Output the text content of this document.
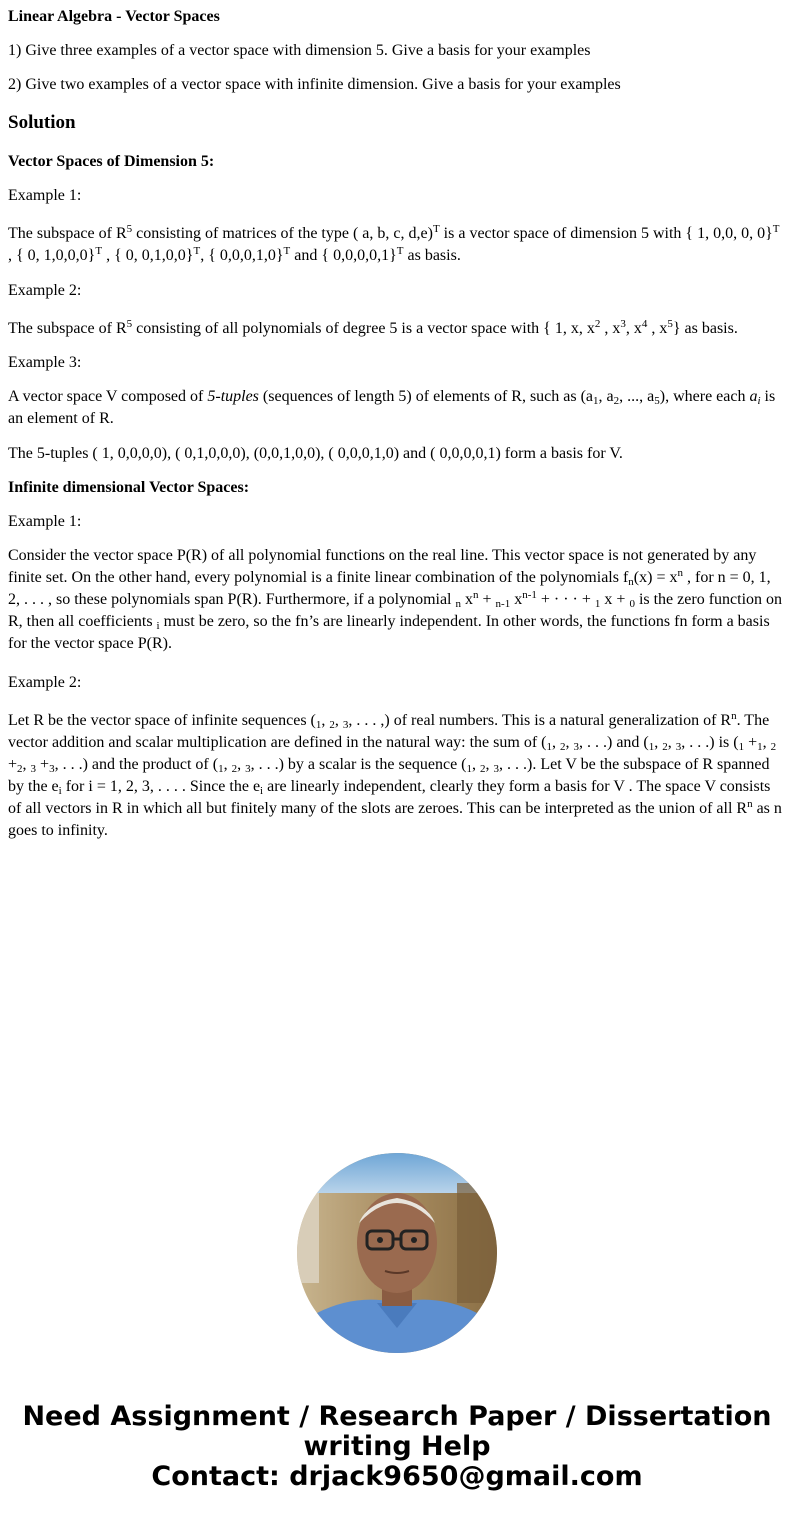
Linear Algebra - Vector Spaces

1) Give three examples of a vector space with dimension 5. Give a basis for your examples

2) Give two examples of a vector space with infinite dimension. Give a basis for your examples

Solution

Vector Spaces of Dimension 5:

Example 1:

The subspace of $R^5$ consisting of matrices of the type ( a, b, c, d,e)$^T$ is a vector space of dimension 5 with { 1, 0,0, 0, 0}$^T$ , { 0, 1,0,0,0}$^T$ , { 0, 0,1,0,0}$^T$, { 0,0,0,1,0}$^T$ and { 0,0,0,0,1}$^T$ as basis.

Example 2:

The subspace of $R^5$ consisting of all polynomials of degree 5 is a vector space with { 1, x, $x^2$ , $x^3$, $x^4$ , $x^5$} as basis.

Example 3:

A vector space V composed of 5-tuples (sequences of length 5) of elements of R, such as ($a_1$, $a_2$, ..., $a_5$), where each $a_i$ is an element of R.

The 5-tuples ( 1, 0,0,0,0), ( 0,1,0,0,0), (0,0,1,0,0), ( 0,0,0,1,0) and ( 0,0,0,0,1) form a basis for V.

Infinite dimensional Vector Spaces:

Example 1:

Consider the vector space P(R) of all polynomial functions on the real line. This vector space is not generated by any finite set. On the other hand, every polynomial is a finite linear combination of the polynomials $f_n(x) = x^n$ , for n = 0, 1, 2, . . . , so these polynomials span P(R). Furthermore, if a polynomial $_n$ $x^n + _{n-1}$ $x^{n-1}$ + · · · + $_1$ x + $_0$ is the zero function on R, then all coefficients $_i$ must be zero, so the fn’s are linearly independent. In other words, the functions fn form a basis for the vector space P(R).

Example 2:

Let R be the vector space of infinite sequences ($_1$, $_2$, $_3$, . . . ,) of real numbers. This is a natural generalization of $R^n$. The vector addition and scalar multiplication are defined in the natural way: the sum of ($_1$, $_2$, $_3$, . . .) and ($_1$, $_2$, $_3$, . . .) is ($_1 +_1$, $_2 +_2$, $_3 +_3$, . . .) and the product of ($_1$, $_2$, $_3$, . . .) by a scalar is the sequence ($_1$, $_2$, $_3$, . . .). Let V be the subspace of R spanned by the $e_i$ for i = 1, 2, 3, . . . . Since the $e_i$ are linearly independent, clearly they form a basis for V . The space V consists of all vectors in R in which all but finitely many of the slots are zeroes. This can be interpreted as the union of all $R^n$ as n goes to infinity.

Need Assignment / Research Paper / Dissertation
writing Help
Contact: drjack9650@gmail.com
